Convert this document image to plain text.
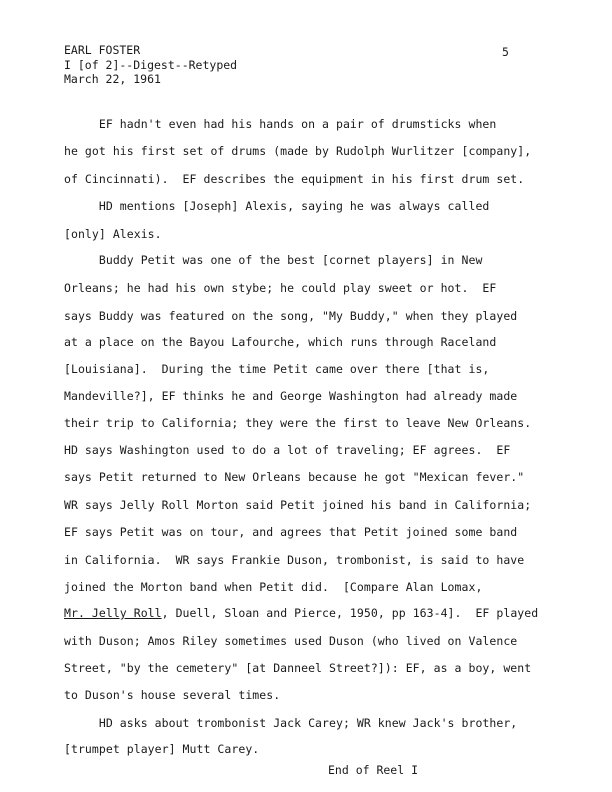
EARL FOSTER
I [of 2]--Digest--Retyped
March 22, 1961
5
EF hadn't even had his hands on a pair of drumsticks when
he got his first set of drums (made by Rudolph Wurlitzer [company],
of Cincinnati).  EF describes the equipment in his first drum set.
HD mentions [Joseph] Alexis, saying he was always called
[only] Alexis.
Buddy Petit was one of the best [cornet players] in New
Orleans; he had his own stybe; he could play sweet or hot.  EF
says Buddy was featured on the song, "My Buddy," when they played
at a place on the Bayou Lafourche, which runs through Raceland
[Louisiana].  During the time Petit came over there [that is,
Mandeville?], EF thinks he and George Washington had already made
their trip to California; they were the first to leave New Orleans.
HD says Washington used to do a lot of traveling; EF agrees.  EF
says Petit returned to New Orleans because he got "Mexican fever."
WR says Jelly Roll Morton said Petit joined his band in California;
EF says Petit was on tour, and agrees that Petit joined some band
in California.  WR says Frankie Duson, trombonist, is said to have
joined the Morton band when Petit did.  [Compare Alan Lomax,
Mr. Jelly Roll, Duell, Sloan and Pierce, 1950, pp 163-4].  EF played
with Duson; Amos Riley sometimes used Duson (who lived on Valence
Street, "by the cemetery" [at Danneel Street?]): EF, as a boy, went
to Duson's house several times.
HD asks about trombonist Jack Carey; WR knew Jack's brother,
[trumpet player] Mutt Carey.
End of Reel I
